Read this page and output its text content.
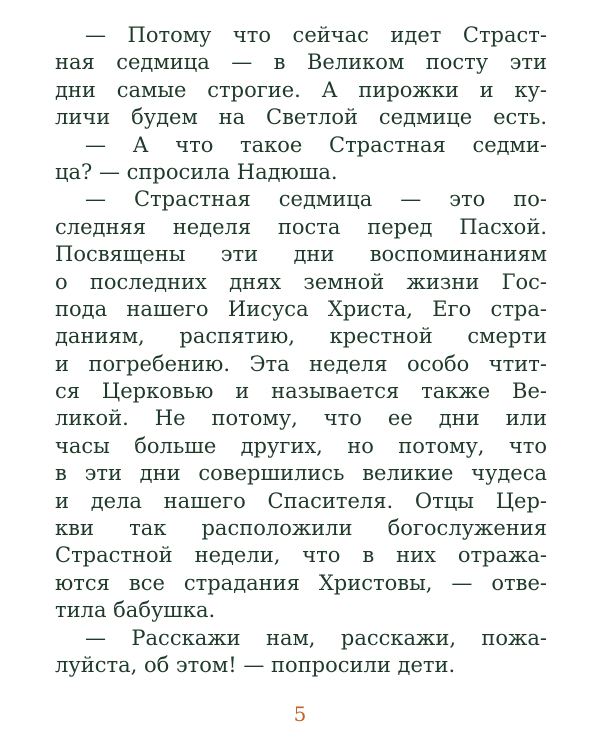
— Потому что сейчас идет Страст-
ная седмица — в Великом посту эти
дни самые строгие. А пирожки и ку-
личи будем на Светлой седмице есть.
— А что такое Страстная седми-
ца? — спросила Надюша.
— Страстная седмица — это по-
следняя неделя поста перед Пасхой.
Посвящены эти дни воспоминаниям
о последних днях земной жизни Гос-
пода нашего Иисуса Христа, Его стра-
даниям, распятию, крестной смерти
и погребению. Эта неделя особо чтит-
ся Церковью и называется также Ве-
ликой. Не потому, что ее дни или
часы больше других, но потому, что
в эти дни совершились великие чудеса
и дела нашего Спасителя. Отцы Цер-
кви так расположили богослужения
Страстной недели, что в них отража-
ются все страдания Христовы, — отве-
тила бабушка.
— Расскажи нам, расскажи, пожа-
луйста, об этом! — попросили дети.
5
